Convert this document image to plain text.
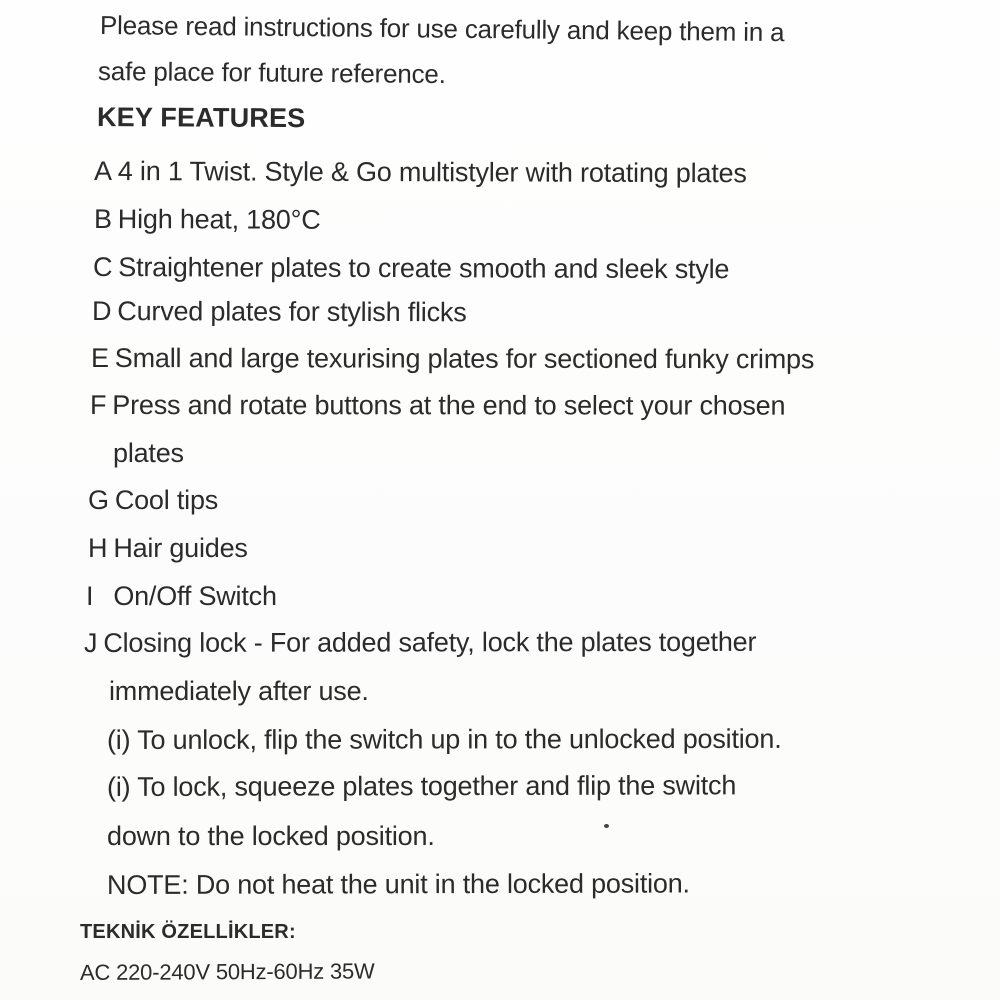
Please read instructions for use carefully and keep them in a
safe place for future reference.
KEY FEATURES
A 4 in 1 Twist. Style & Go multistyler with rotating plates
B High heat, 180°C
C Straightener plates to create smooth and sleek style
D Curved plates for stylish flicks
E Small and large texurising plates for sectioned funky crimps
F Press and rotate buttons at the end to select your chosen
plates
G Cool tips
H Hair guides
I On/Off Switch
J Closing lock - For added safety, lock the plates together
immediately after use.
(i) To unlock, flip the switch up in to the unlocked position.
(i) To lock, squeeze plates together and flip the switch
down to the locked position.
NOTE: Do not heat the unit in the locked position.
TEKNİK ÖZELLİKLER:
AC 220-240V 50Hz-60Hz 35W
